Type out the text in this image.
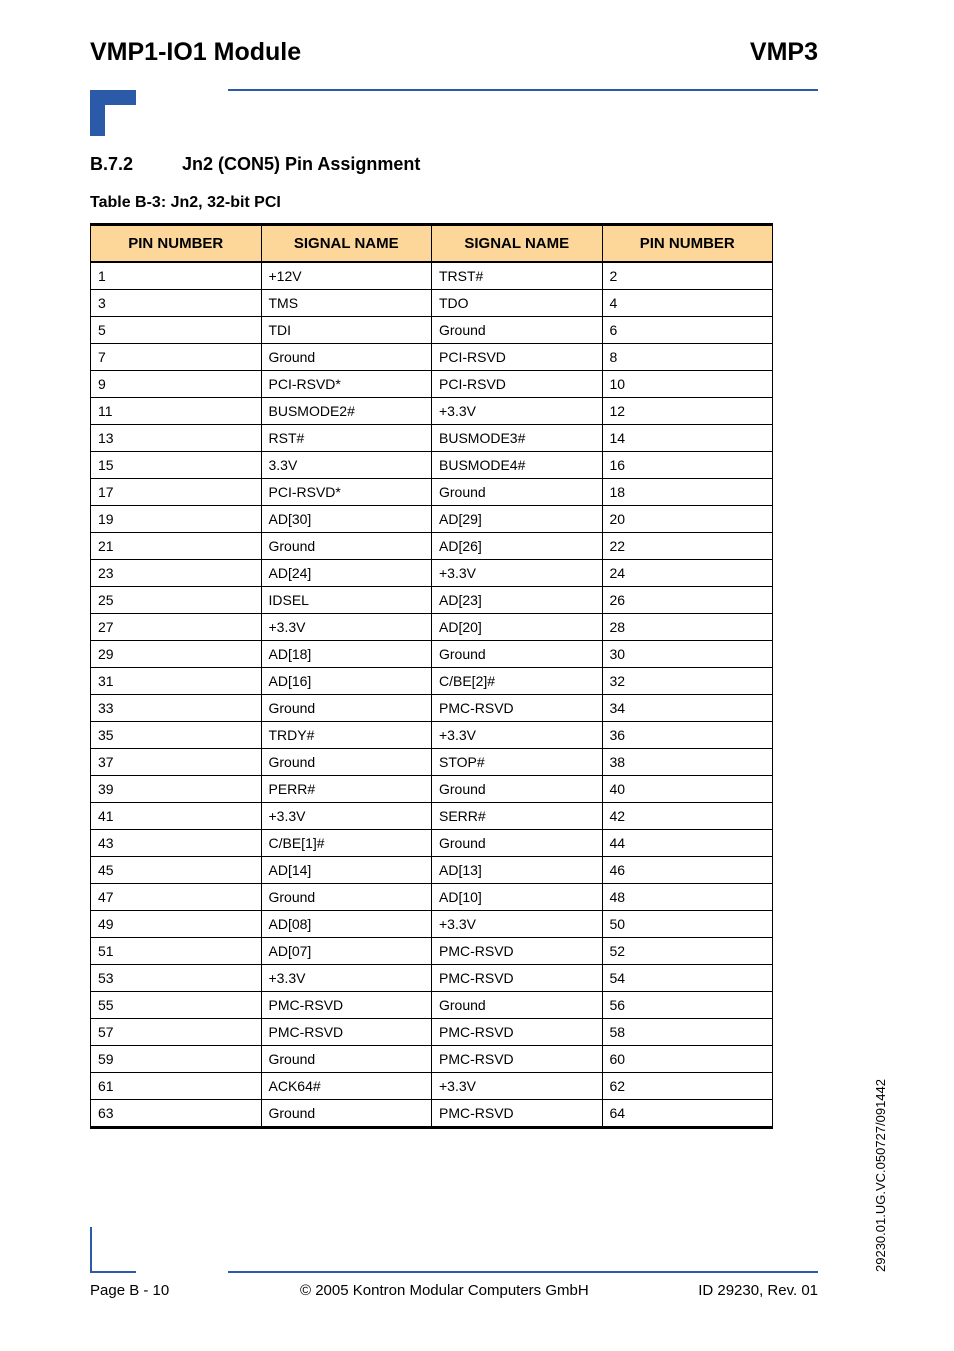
VMP1-IO1 Module	VMP3
B.7.2	Jn2 (CON5) Pin Assignment
Table B-3: Jn2, 32-bit PCI
PIN NUMBER	SIGNAL NAME	SIGNAL NAME	PIN NUMBER
1	+12V	TRST#	2
3	TMS	TDO	4
5	TDI	Ground	6
7	Ground	PCI-RSVD	8
9	PCI-RSVD*	PCI-RSVD	10
11	BUSMODE2#	+3.3V	12
13	RST#	BUSMODE3#	14
15	3.3V	BUSMODE4#	16
17	PCI-RSVD*	Ground	18
19	AD[30]	AD[29]	20
21	Ground	AD[26]	22
23	AD[24]	+3.3V	24
25	IDSEL	AD[23]	26
27	+3.3V	AD[20]	28
29	AD[18]	Ground	30
31	AD[16]	C/BE[2]#	32
33	Ground	PMC-RSVD	34
35	TRDY#	+3.3V	36
37	Ground	STOP#	38
39	PERR#	Ground	40
41	+3.3V	SERR#	42
43	C/BE[1]#	Ground	44
45	AD[14]	AD[13]	46
47	Ground	AD[10]	48
49	AD[08]	+3.3V	50
51	AD[07]	PMC-RSVD	52
53	+3.3V	PMC-RSVD	54
55	PMC-RSVD	Ground	56
57	PMC-RSVD	PMC-RSVD	58
59	Ground	PMC-RSVD	60
61	ACK64#	+3.3V	62
63	Ground	PMC-RSVD	64
Page B - 10	© 2005 Kontron Modular Computers GmbH	ID 29230, Rev. 01
29230.01.UG.VC.050727/091442
